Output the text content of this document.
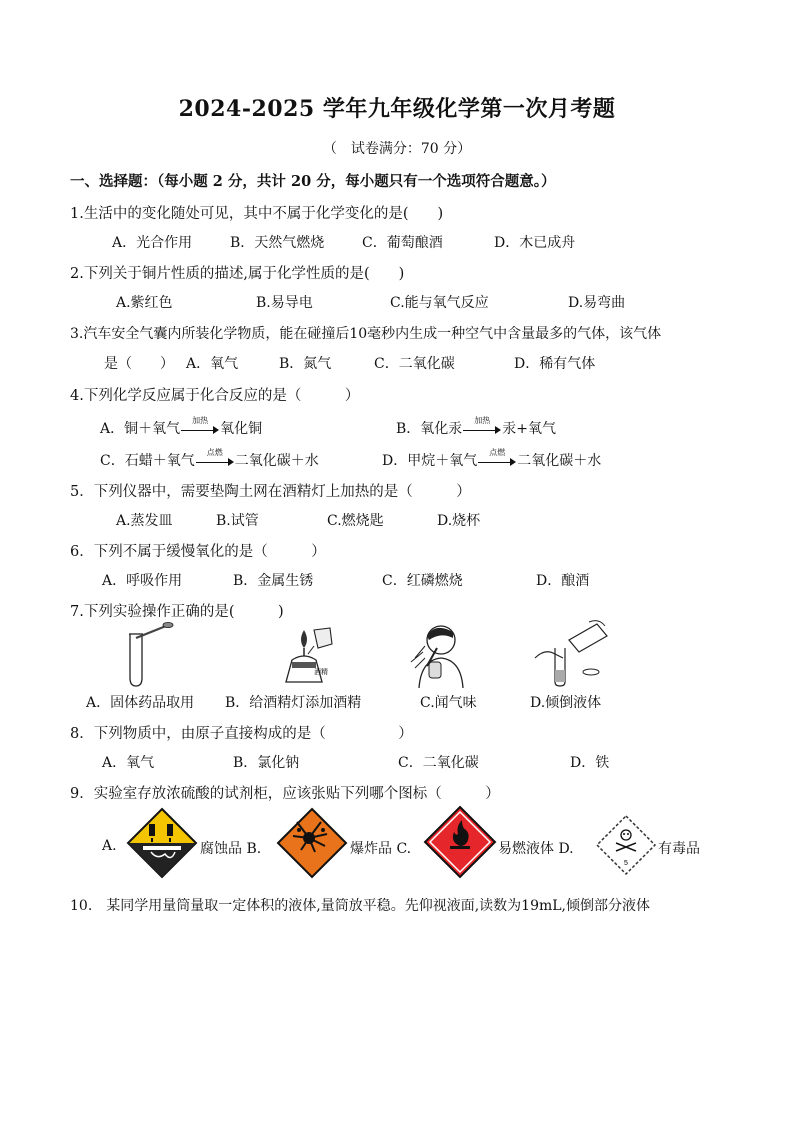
2024-2025 学年九年级化学第一次月考题
（　试卷满分：70 分）
一、选择题：（每小题 2 分，共计 20 分，每小题只有一个选项符合题意。）
1.生活中的变化随处可见，其中不属于化学变化的是(　　)
A．光合作用	B．天然气燃烧	C．葡萄酿酒	D．木已成舟
2.下列关于铜片性质的描述,属于化学性质的是(　　)
A.紫红色	B.易导电	C.能与氧气反应	D.易弯曲
3.汽车安全气囊内所装化学物质，能在碰撞后10毫秒内生成一种空气中含量最多的气体，该气体
是（　　） A．氧气	B．氮气	C．二氧化碳	D．稀有气体
4.下列化学反应属于化合反应的是（　　　）
A．铜＋氧气
加热
氧化铜	B．氧化汞
加热
汞+氧气
C．石蜡＋氧气
点燃
二氧化碳＋水	D．甲烷＋氧气
点燃
二氧化碳＋水
5．下列仪器中，需要垫陶土网在酒精灯上加热的是（　　　）
A.蒸发皿	B.试管	C.燃烧匙	D.烧杯
6．下列不属于缓慢氧化的是（　　　）
A．呼吸作用	B．金属生锈	C．红磷燃烧	D．酿酒
7.下列实验操作正确的是(　　　)
酒精
A．固体药品取用 B．给酒精灯添加酒精	C.闻气味	D.倾倒液体
8．下列物质中，由原子直接构成的是（　　　　　）
A．氧气	B．氯化钠	C．二氧化碳	D．铁
9．实验室存放浓硫酸的试剂柜，应该张贴下列哪个图标（　　　）
A.	腐蚀品 B.	爆炸品 C.	易燃液体 D.
5
有毒品
10.　某同学用量筒量取一定体积的液体,量筒放平稳。先仰视液面,读数为19mL,倾倒部分液体
